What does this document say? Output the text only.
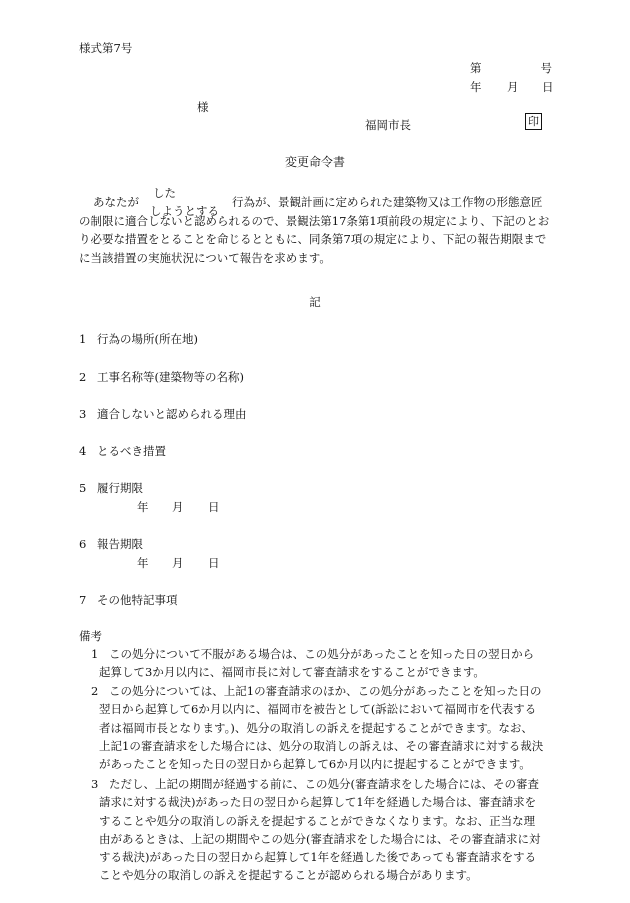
様式第7号
第	号
年 月 日
様
福岡市長	印
変更命令書
あなたが
した
しようとする
行為が、景観計画に定められた建築物又は工作物の形態意匠
の制限に適合しないと認められるので、景観法第17条第1項前段の規定により、下記のとお
り必要な措置をとることを命じるとともに、同条第7項の規定により、下記の報告期限まで
に当該措置の実施状況について報告を求めます。
記
1 行為の場所(所在地)
2 工事名称等(建築物等の名称)
3 適合しないと認められる理由
4 とるべき措置
5 履行期限
年 月 日
6 報告期限
年 月 日
7 その他特記事項
備考
1 この処分について不服がある場合は、この処分があったことを知った日の翌日から
起算して3か月以内に、福岡市長に対して審査請求をすることができます。
2 この処分については、上記1の審査請求のほか、この処分があったことを知った日の
翌日から起算して6か月以内に、福岡市を被告として(訴訟において福岡市を代表する
者は福岡市長となります。)、処分の取消しの訴えを提起することができます。なお、
上記1の審査請求をした場合には、処分の取消しの訴えは、その審査請求に対する裁決
があったことを知った日の翌日から起算して6か月以内に提起することができます。
3 ただし、上記の期間が経過する前に、この処分(審査請求をした場合には、その審査
請求に対する裁決)があった日の翌日から起算して1年を経過した場合は、審査請求を
することや処分の取消しの訴えを提起することができなくなります。なお、正当な理
由があるときは、上記の期間やこの処分(審査請求をした場合には、その審査請求に対
する裁決)があった日の翌日から起算して1年を経過した後であっても審査請求をする
ことや処分の取消しの訴えを提起することが認められる場合があります。
